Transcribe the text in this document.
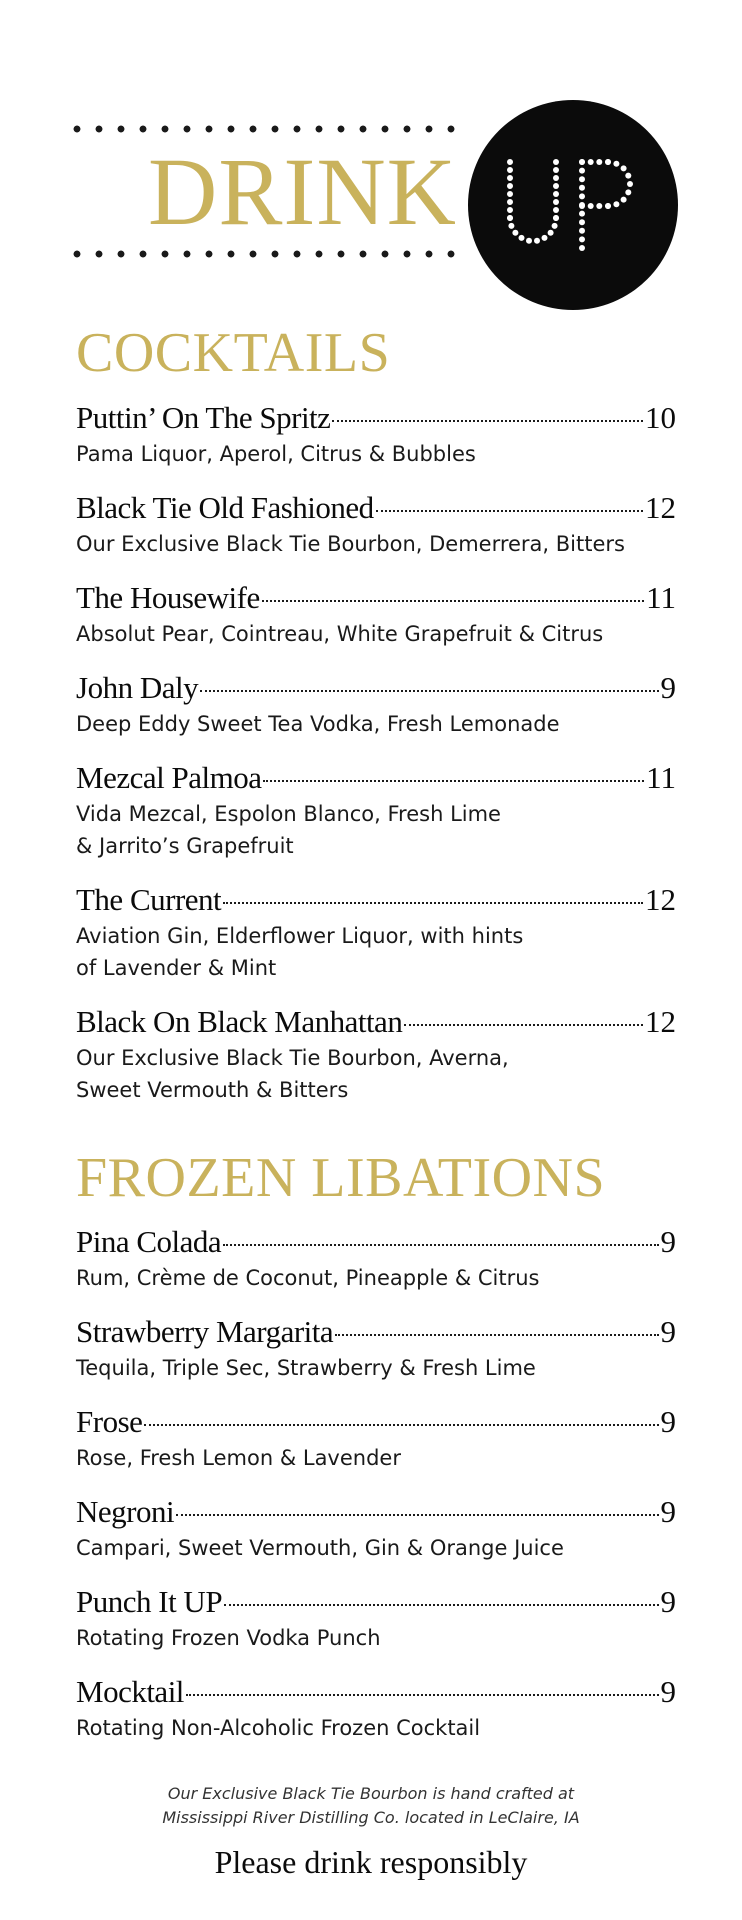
DRINK
COCKTAILS
Puttin’ On The Spritz	10

Pama Liquor, Aperol, Citrus & Bubbles

Black Tie Old Fashioned	12

Our Exclusive Black Tie Bourbon, Demerrera, Bitters

The Housewife	11

Absolut Pear, Cointreau, White Grapefruit & Citrus

John Daly	9

Deep Eddy Sweet Tea Vodka, Fresh Lemonade

Mezcal Palmoa	11

Vida Mezcal, Espolon Blanco, Fresh Lime & Jarrito’s Grapefruit

The Current	12

Aviation Gin, Elderflower Liquor, with hints of Lavender & Mint

Black On Black Manhattan	12

Our Exclusive Black Tie Bourbon, Averna, Sweet Vermouth & Bitters

FROZEN LIBATIONS
Pina Colada	9

Rum, Crème de Coconut, Pineapple & Citrus

Strawberry Margarita	9

Tequila, Triple Sec, Strawberry & Fresh Lime

Frose	9

Rose, Fresh Lemon & Lavender

Negroni	9

Campari, Sweet Vermouth, Gin & Orange Juice

Punch It UP	9

Rotating Frozen Vodka Punch

Mocktail	9

Rotating Non-Alcoholic Frozen Cocktail

Our Exclusive Black Tie Bourbon is hand crafted at
Mississippi River Distilling Co. located in LeClaire, IA
Please drink responsibly
